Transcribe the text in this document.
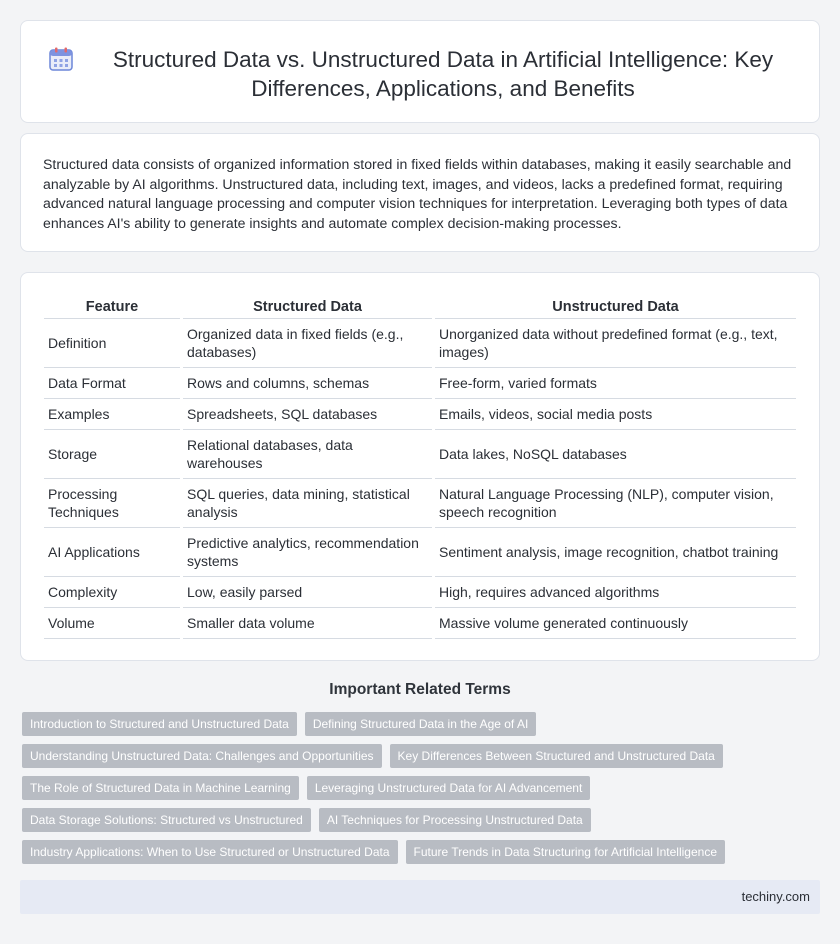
Structured Data vs. Unstructured Data in Artificial Intelligence: Key Differences, Applications, and Benefits

Structured data consists of organized information stored in fixed fields within databases, making it easily searchable and analyzable by AI algorithms. Unstructured data, including text, images, and videos, lacks a predefined format, requiring advanced natural language processing and computer vision techniques for interpretation. Leveraging both types of data enhances AI's ability to generate insights and automate complex decision-making processes.

Feature	Structured Data	Unstructured Data
Definition	Organized data in fixed fields (e.g., databases)	Unorganized data without predefined format (e.g., text, images)
Data Format	Rows and columns, schemas	Free-form, varied formats
Examples	Spreadsheets, SQL databases	Emails, videos, social media posts
Storage	Relational databases, data warehouses	Data lakes, NoSQL databases
Processing Techniques	SQL queries, data mining, statistical analysis	Natural Language Processing (NLP), computer vision, speech recognition
AI Applications	Predictive analytics, recommendation systems	Sentiment analysis, image recognition, chatbot training
Complexity	Low, easily parsed	High, requires advanced algorithms
Volume	Smaller data volume	Massive volume generated continuously
Important Related Terms
Introduction to Structured and Unstructured Data	Defining Structured Data in the Age of AI
Understanding Unstructured Data: Challenges and Opportunities	Key Differences Between Structured and Unstructured Data
The Role of Structured Data in Machine Learning	Leveraging Unstructured Data for AI Advancement
Data Storage Solutions: Structured vs Unstructured	AI Techniques for Processing Unstructured Data
Industry Applications: When to Use Structured or Unstructured Data	Future Trends in Data Structuring for Artificial Intelligence
techiny.com
